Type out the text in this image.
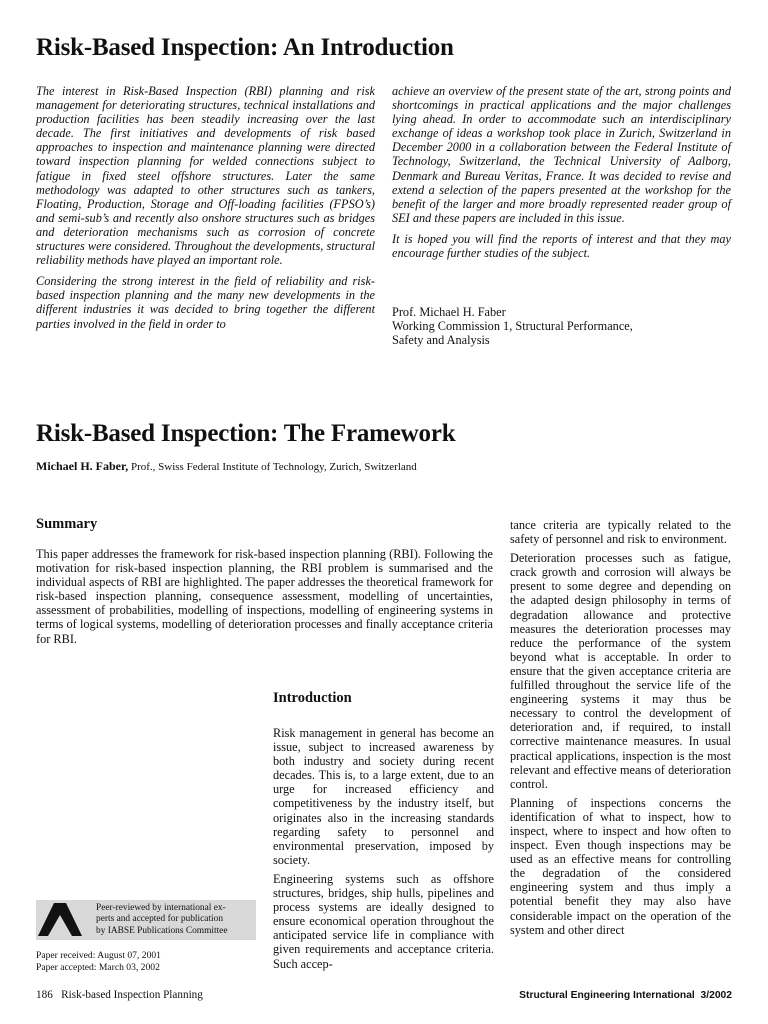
Risk-Based Inspection: An Introduction

The interest in Risk-Based Inspection (RBI) planning and risk management for deteriorating structures, technical installations and production facilities has been steadily increasing over the last decade. The first initiatives and developments of risk based approaches to inspection and maintenance planning were directed toward inspection planning for welded connections subject to fatigue in fixed steel offshore structures. Later the same methodology was adapted to other structures such as tankers, Floating, Production, Storage and Off-loading facilities (FPSO’s) and semi-sub’s and recently also onshore structures such as bridges and deterioration mechanisms such as corrosion of concrete structures were considered. Throughout the developments, structural reliability methods have played an important role.

Considering the strong interest in the field of reliability and risk-based inspection planning and the many new developments in the different industries it was decided to bring together the different parties involved in the field in order to

achieve an overview of the present state of the art, strong points and shortcomings in practical applications and the major challenges lying ahead. In order to accommodate such an interdisciplinary exchange of ideas a workshop took place in Zurich, Switzerland in December 2000 in a collaboration between the Federal Institute of Technology, Switzerland, the Technical University of Aalborg, Denmark and Bureau Veritas, France. It was decided to revise and extend a selection of the papers presented at the workshop for the benefit of the larger and more broadly represented reader group of SEI and these papers are included in this issue.

It is hoped you will find the reports of interest and that they may encourage further studies of the subject.

Prof. Michael H. Faber
Working Commission 1, Structural Performance,
Safety and Analysis
Risk-Based Inspection: The Framework
Michael H. Faber, Prof., Swiss Federal Institute of Technology, Zurich, Switzerland
Summary
This paper addresses the framework for risk-based inspection planning (RBI). Following the motivation for risk-based inspection planning, the RBI problem is summarised and the individual aspects of RBI are highlighted. The paper addresses the theoretical framework for risk-based inspection planning, consequence assessment, modelling of uncertainties, assessment of probabilities, modelling of inspections, modelling of engineering systems in terms of logical systems, modelling of deterioration processes and finally acceptance criteria for RBI.
Introduction

Risk management in general has become an issue, subject to increased awareness by both industry and society during recent decades. This is, to a large extent, due to an urge for increased efficiency and competitiveness by the industry itself, but originates also in the increasing standards regarding safety to personnel and environmental preservation, imposed by society.

Engineering systems such as offshore structures, bridges, ship hulls, pipelines and process systems are ideally designed to ensure economical operation throughout the anticipated service life in compliance with given requirements and acceptance criteria. Such accep-

tance criteria are typically related to the safety of personnel and risk to environment.

Deterioration processes such as fatigue, crack growth and corrosion will always be present to some degree and depending on the adapted design philosophy in terms of degradation allowance and protective measures the deterioration processes may reduce the performance of the system beyond what is acceptable. In order to ensure that the given acceptance criteria are fulfilled throughout the service life of the engineering systems it may thus be necessary to control the development of deterioration and, if required, to install corrective maintenance measures. In usual practical applications, inspection is the most relevant and effective means of deterioration control.

Planning of inspections concerns the identification of what to inspect, how to inspect, where to inspect and how often to inspect. Even though inspections may be used as an effective means for controlling the degradation of the considered engineering system and thus imply a potential benefit they may also have considerable impact on the operation of the system and other direct

Peer-reviewed by international ex-
perts and accepted for publication
by IABSE Publications Committee
Paper received: August 07, 2001
Paper accepted: March 03, 2002
186 Risk-based Inspection Planning	Structural Engineering International  3/2002
